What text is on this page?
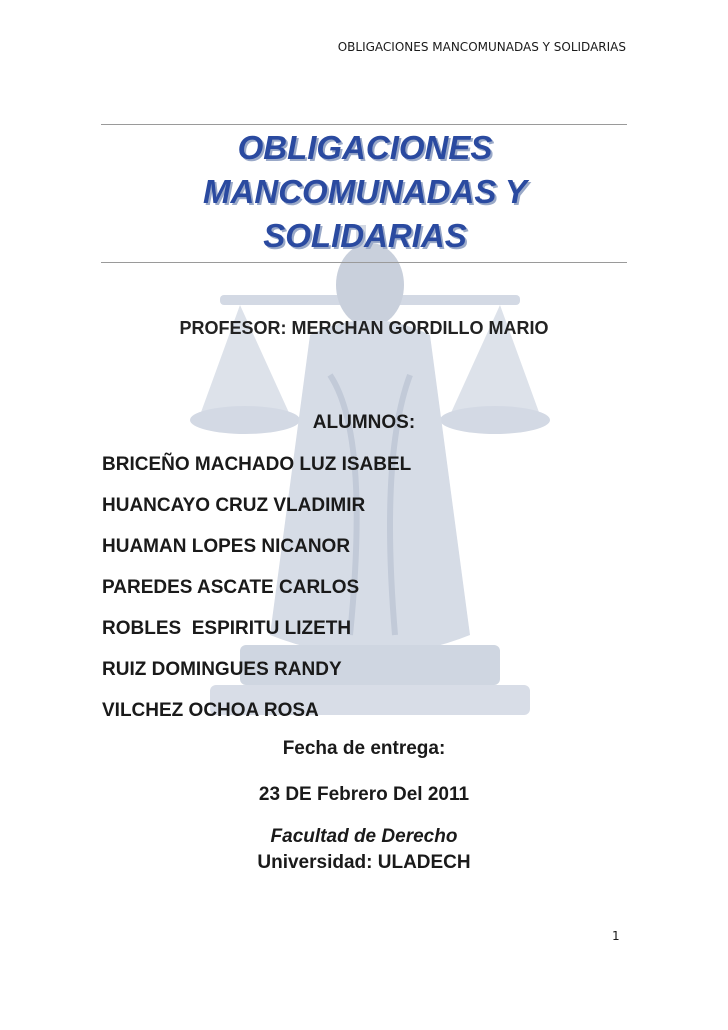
OBLIGACIONES MANCOMUNADAS Y SOLIDARIAS
OBLIGACIONES
MANCOMUNADAS Y
SOLIDARIAS
PROFESOR: MERCHAN GORDILLO MARIO
ALUMNOS:
BRICEÑO MACHADO LUZ ISABEL
HUANCAYO CRUZ VLADIMIR
HUAMAN LOPES NICANOR
PAREDES ASCATE CARLOS
ROBLES  ESPIRITU LIZETH
RUIZ DOMINGUES RANDY
VILCHEZ OCHOA ROSA
Fecha de entrega:
23 DE Febrero Del 2011
Facultad de Derecho
Universidad: ULADECH
1
